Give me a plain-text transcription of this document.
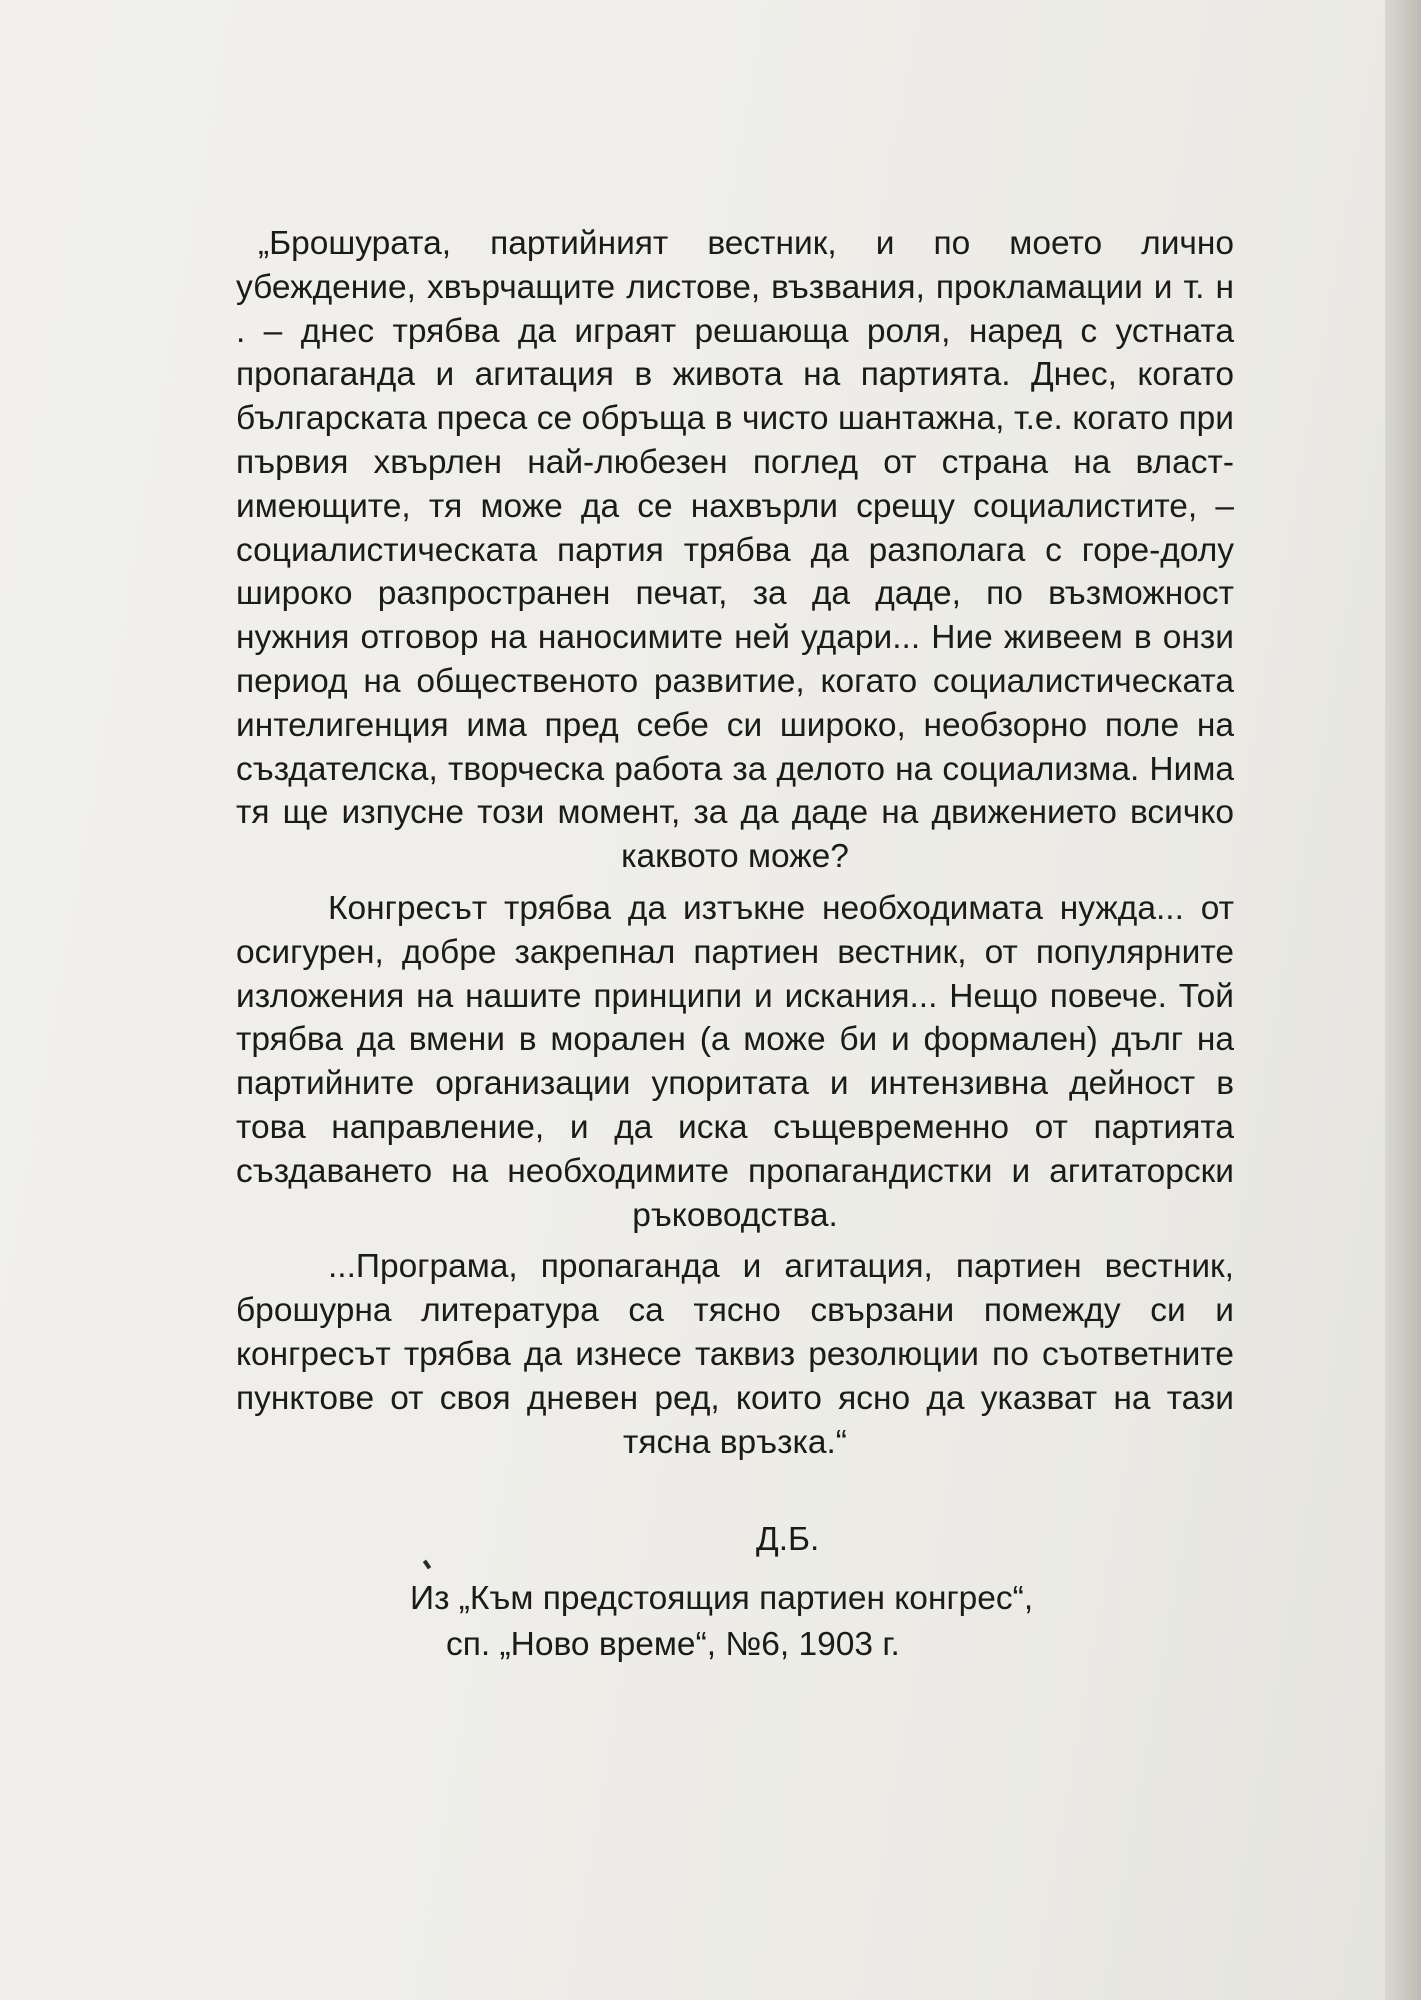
„Брошурата, партийният вестник, и по моето лично убеждение, хвърчащите листове, възвания, прокламации и т. н . – днес трябва да играят решающа роля, наред с устната пропаганда и агитация в живота на партията. Днес, когато българската преса се обръща в чисто шантажна, т.е. когато при първия хвърлен най-любезен поглед от страна на власт-имеющите, тя може да се нахвърли срещу социалистите, – социалистическата партия трябва да разполага с горе-долу широко разпространен печат, за да даде, по възможност нужния отговор на наносимите ней удари... Ние живеем в онзи период на общественото развитие, когато социалистическата интелигенция има пред себе си широко, необзорно поле на създателска, творческа работа за делото на социализма. Нима тя ще изпусне този момент, за да даде на движението всичко каквото може?

Конгресът трябва да изтъкне необходимата нужда... от осигурен, добре закрепнал партиен вестник, от популярните изложения на нашите принципи и искания... Нещо повече. Той трябва да вмени в морален (а може би и формален) дълг на партийните организации упоритата и интензивна дейност в това направление, и да иска същевременно от партията създаването на необходимите пропагандистки и агитаторски ръководства.

...Програма, пропаганда и агитация, партиен вестник, брошурна литература са тясно свързани помежду си и конгресът трябва да изнесе таквиз резолюции по съответните пунктове от своя дневен ред, които ясно да указват на тази тясна връзка.“

Д.Б.
Из „Към предстоящия партиен конгрес“,
сп. „Ново време“, №6, 1903 г.
